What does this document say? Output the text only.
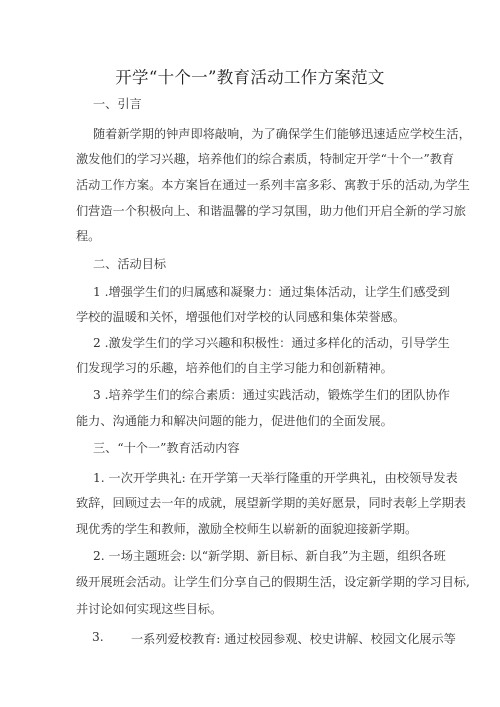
开学“十个一”教育活动工作方案范文
一、引言
随着新学期的钟声即将敲响，为了确保学生们能够迅速适应学校生活，
激发他们的学习兴趣，培养他们的综合素质，特制定开学“十个一”教育
活动工作方案。本方案旨在通过一系列丰富多彩、寓教于乐的活动,为学生
们营造一个积极向上、和谐温馨的学习氛围，助力他们开启全新的学习旅
程。
二、活动目标
1 .增强学生们的归属感和凝聚力：通过集体活动，让学生们感受到
学校的温暖和关怀，增强他们对学校的认同感和集体荣誉感。
2 .激发学生们的学习兴趣和积极性：通过多样化的活动，引导学生
们发现学习的乐趣，培养他们的自主学习能力和创新精神。
3 .培养学生们的综合素质：通过实践活动，锻炼学生们的团队协作
能力、沟通能力和解决问题的能力，促进他们的全面发展。
三、“十个一”教育活动内容
1. 一次开学典礼: 在开学第一天举行隆重的开学典礼，由校领导发表
致辞，回顾过去一年的成就，展望新学期的美好愿景，同时表彰上学期表
现优秀的学生和教师，激励全校师生以崭新的面貌迎接新学期。
2. 一场主题班会: 以“新学期、新目标、新自我”为主题，组织各班
级开展班会活动。让学生们分享自己的假期生活，设定新学期的学习目标,
并讨论如何实现这些目标。
3. 一系列爱校教育: 通过校园参观、校史讲解、校园文化展示等
